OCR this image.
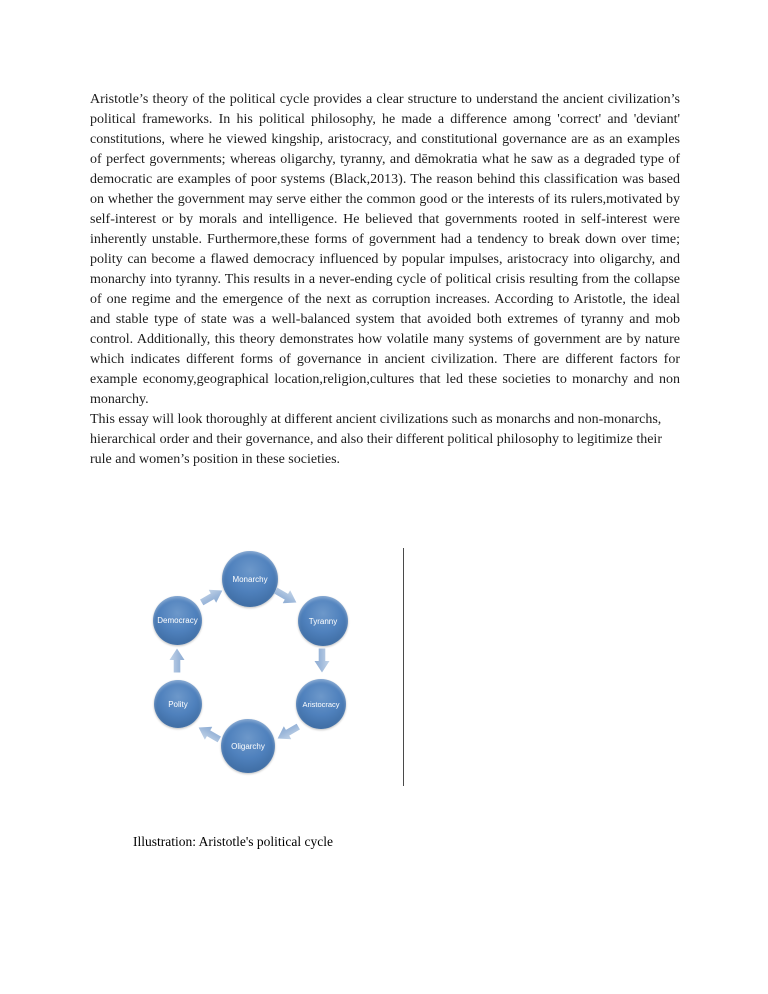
Aristotle’s theory of the political cycle provides a clear structure to understand the ancient civilization’s political frameworks. In his political philosophy, he made a difference among 'correct' and 'deviant' constitutions, where he viewed kingship, aristocracy, and constitutional governance are as an examples of perfect governments; whereas oligarchy, tyranny, and dēmokratia what he saw as a degraded type of democratic are examples of poor systems (Black,2013). The reason behind this classification was based on whether the government may serve either the common good or the interests of its rulers,motivated by self-interest or by morals and intelligence. He believed that governments rooted in self-interest were inherently unstable. Furthermore,these forms of government had a tendency to break down over time; polity can become a flawed democracy influenced by popular impulses, aristocracy into oligarchy, and monarchy into tyranny. This results in a never-ending cycle of political crisis resulting from the collapse of one regime and the emergence of the next as corruption increases. According to Aristotle, the ideal and stable type of state was a well-balanced system that avoided both extremes of tyranny and mob control. Additionally, this theory demonstrates how volatile many systems of government are by nature which indicates different forms of governance in ancient civilization. There are different factors for example economy,geographical location,religion,cultures that led these societies to monarchy and non monarchy.

This essay will look thoroughly at different ancient civilizations such as monarchs and non-monarchs, hierarchical order and their governance, and also their different political philosophy to legitimize their rule and women’s position in these societies.

Monarchy
Tyranny
Aristocracy
Oligarchy
Polity
Democracy
Illustration: Aristotle's political cycle
